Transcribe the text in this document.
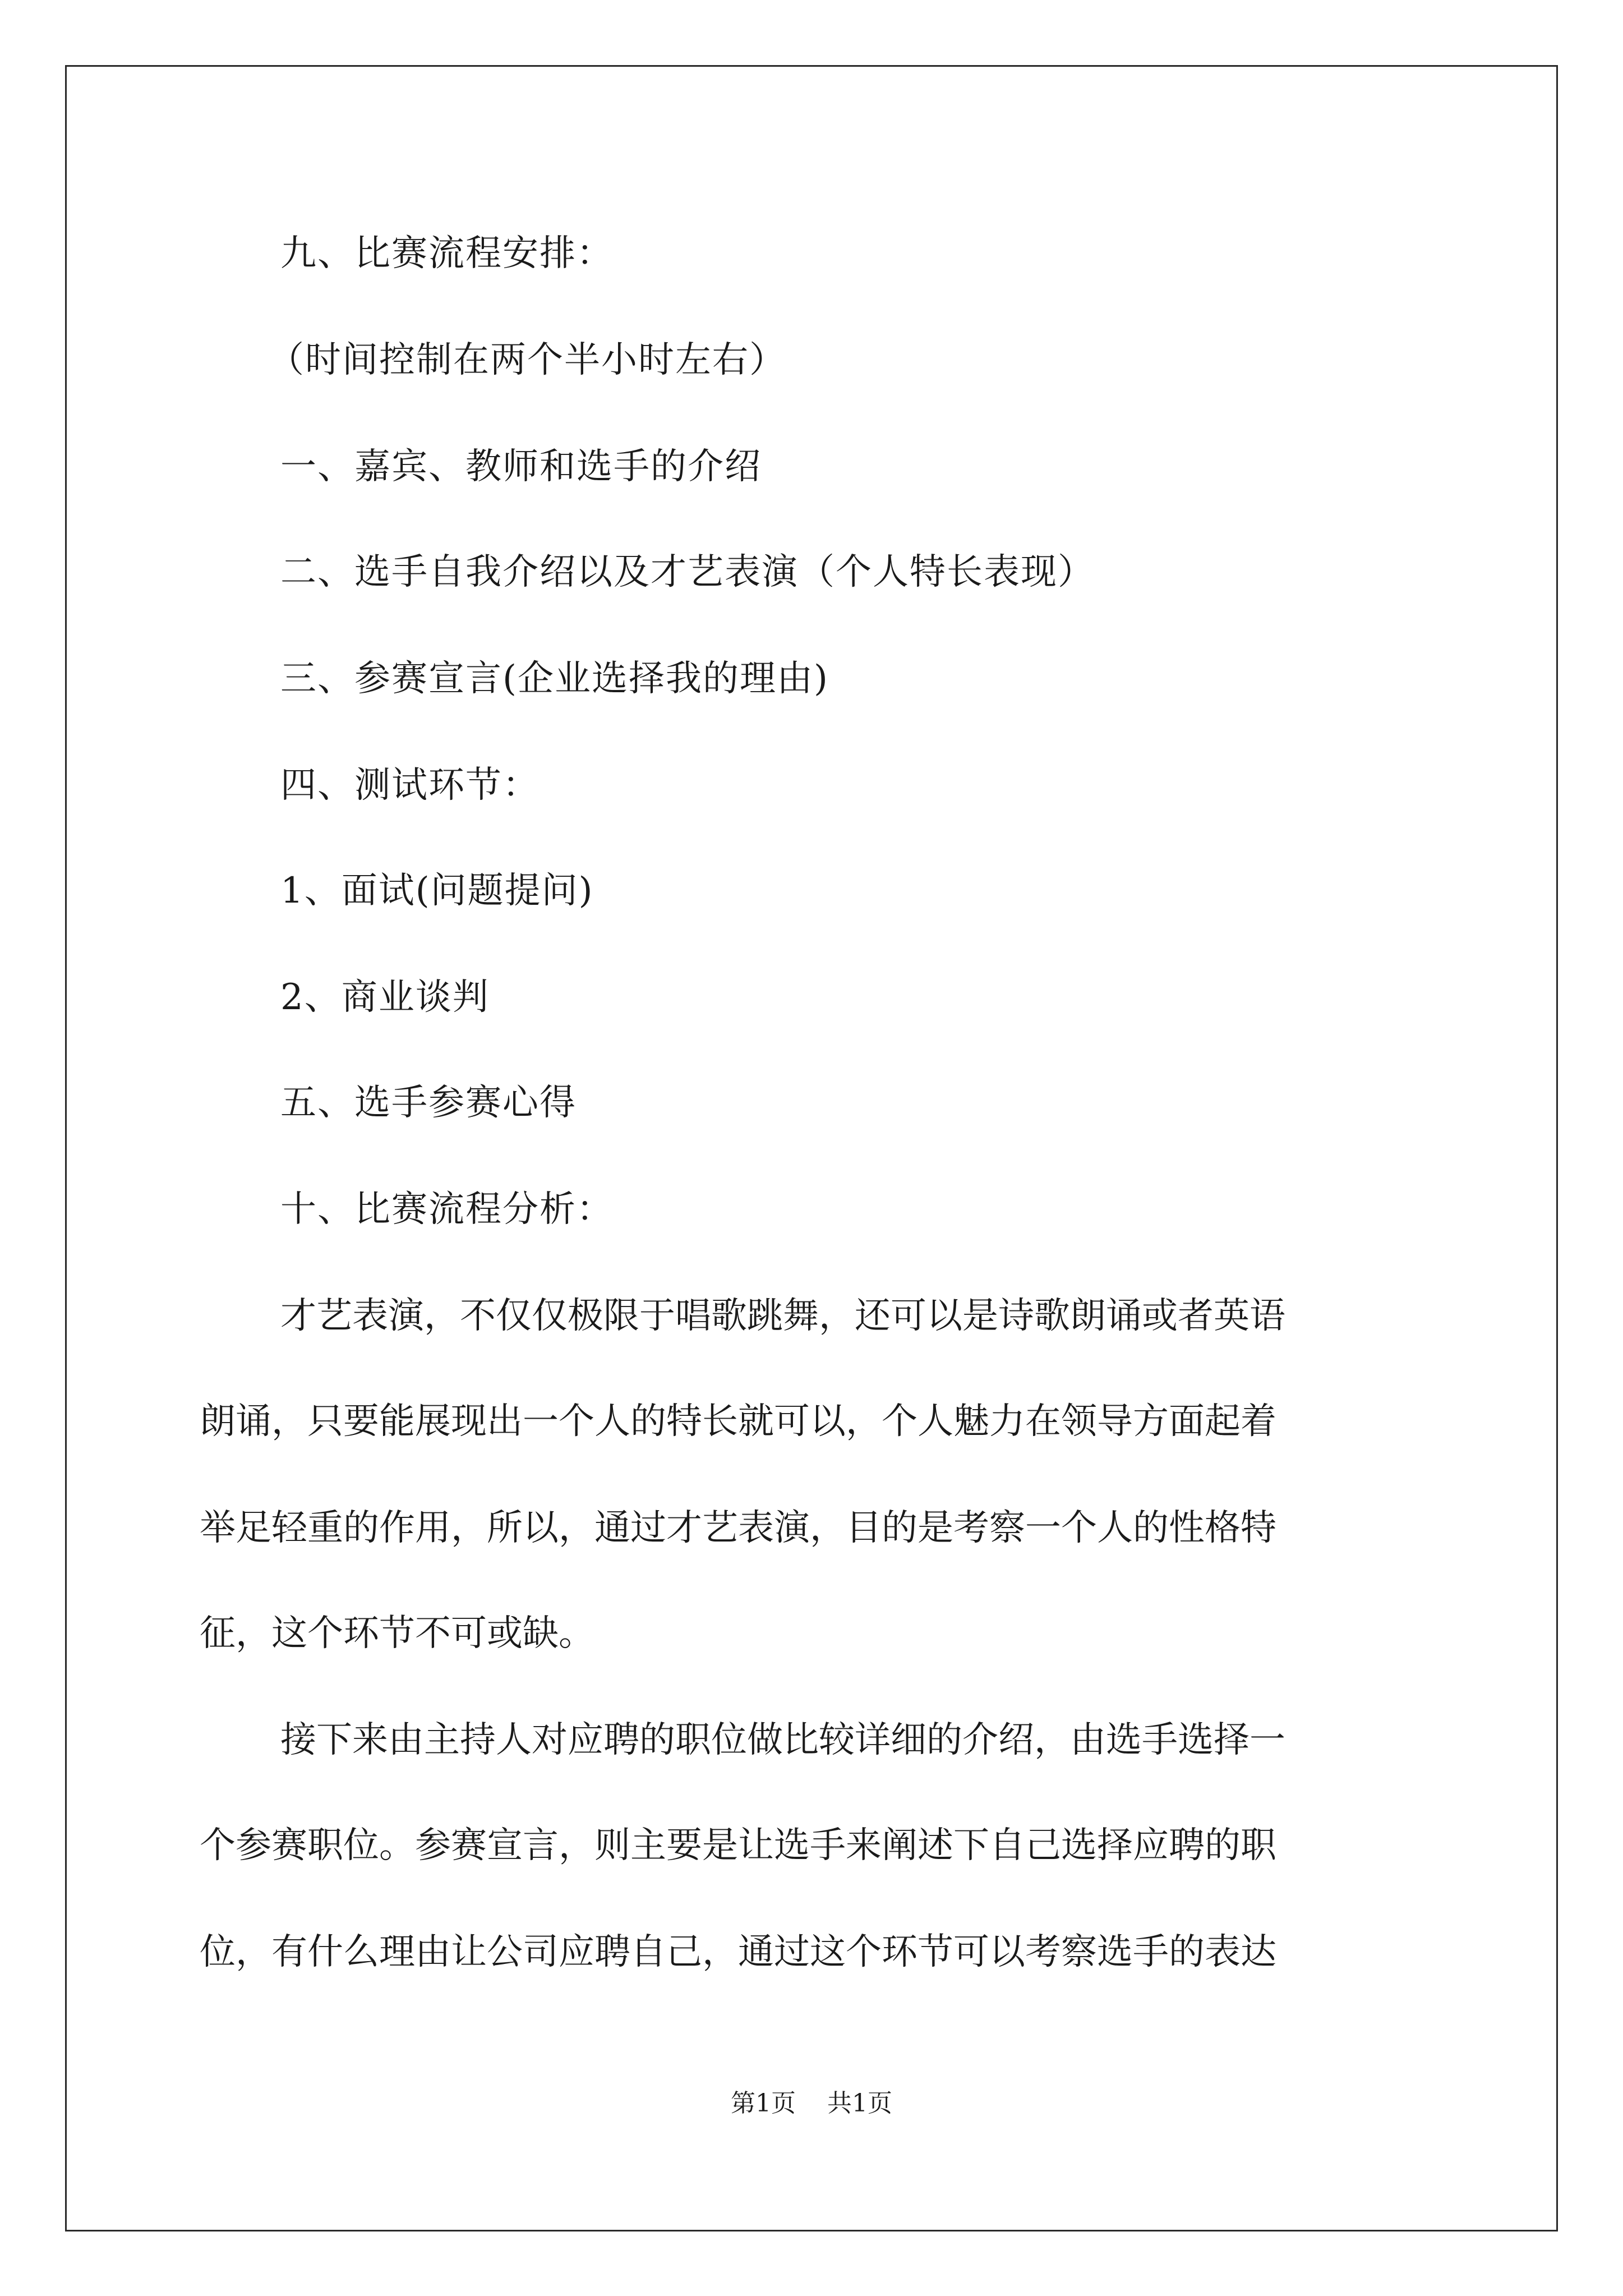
九、比赛流程安排：
（时间控制在两个半小时左右）
一、嘉宾、教师和选手的介绍
二、选手自我介绍以及才艺表演（个人特长表现）
三、参赛宣言(企业选择我的理由)
四、测试环节：
1、面试(问题提问)
2、商业谈判
五、选手参赛心得
十、比赛流程分析：
才艺表演，不仅仅极限于唱歌跳舞，还可以是诗歌朗诵或者英语
朗诵，只要能展现出一个人的特长就可以，个人魅力在领导方面起着
举足轻重的作用，所以，通过才艺表演，目的是考察一个人的性格特
征，这个环节不可或缺。
接下来由主持人对应聘的职位做比较详细的介绍，由选手选择一
个参赛职位。参赛宣言，则主要是让选手来阐述下自己选择应聘的职
位，有什么理由让公司应聘自己，通过这个环节可以考察选手的表达
第1页 共1页
